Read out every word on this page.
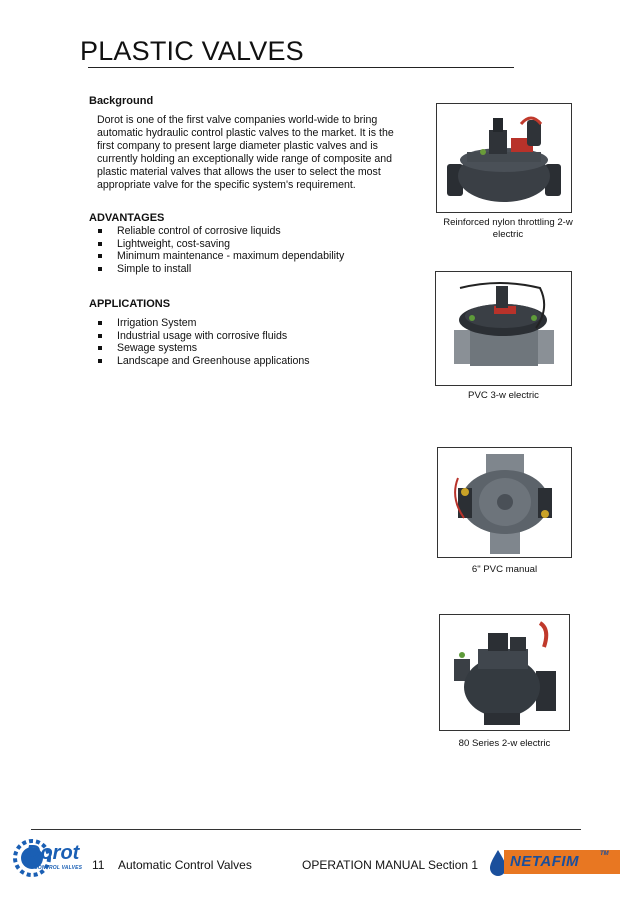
PLASTIC VALVES
Background
Dorot is one of the first valve companies world-wide to bring automatic hydraulic control plastic valves to the market. It is the first company to present large diameter plastic valves and is currently holding an exceptionally wide range of composite and plastic material valves that allows the user to select the most appropriate valve for the specific system's requirement.
ADVANTAGES
Reliable control of corrosive liquids
Lightweight, cost-saving
Minimum maintenance - maximum dependability
Simple to install
APPLICATIONS
Irrigation System
Industrial usage with corrosive fluids
Sewage systems
Landscape and Greenhouse applications
Reinforced nylon throttling 2-w electric
PVC 3-w electric
6" PVC manual
80 Series 2-w electric
Dorot
CONTROL VALVES 11 Automatic Control Valves	OPERATION MANUAL Section 1 NETAFIM	TM
